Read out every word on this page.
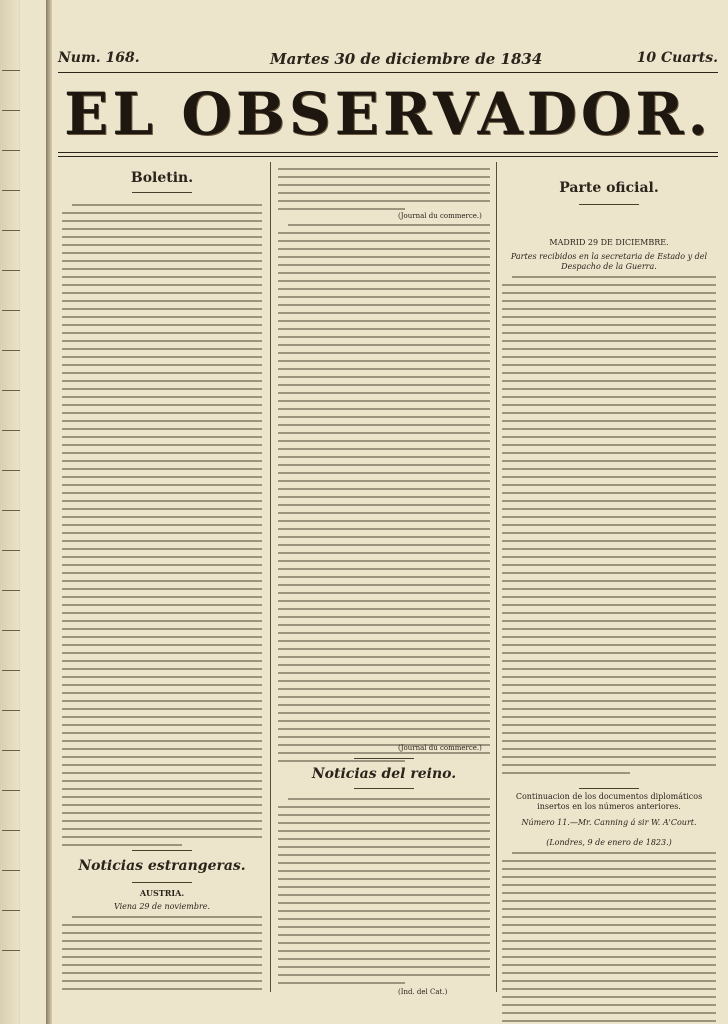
Num. 168.	Martes 30 de diciembre de 1834	10 Cuarts.
EL OBSERVADOR.
Boletin.
Noticias estrangeras.
AUSTRIA.
Viena 29 de noviembre.
(Journal du commerce.)
(Journal du commerce.)
Noticias del reino.
(Ind. del Cat.)
Parte oficial.
MADRID 29 DE DICIEMBRE.
Partes recibidos en la secretaria de Estado y del Despacho de la Guerra.
Continuacion de los documentos diplomáticos insertos en los números anteriores.
Número 11.—Mr. Canning á sir W. A'Court.
(Londres, 9 de enero de 1823.)
